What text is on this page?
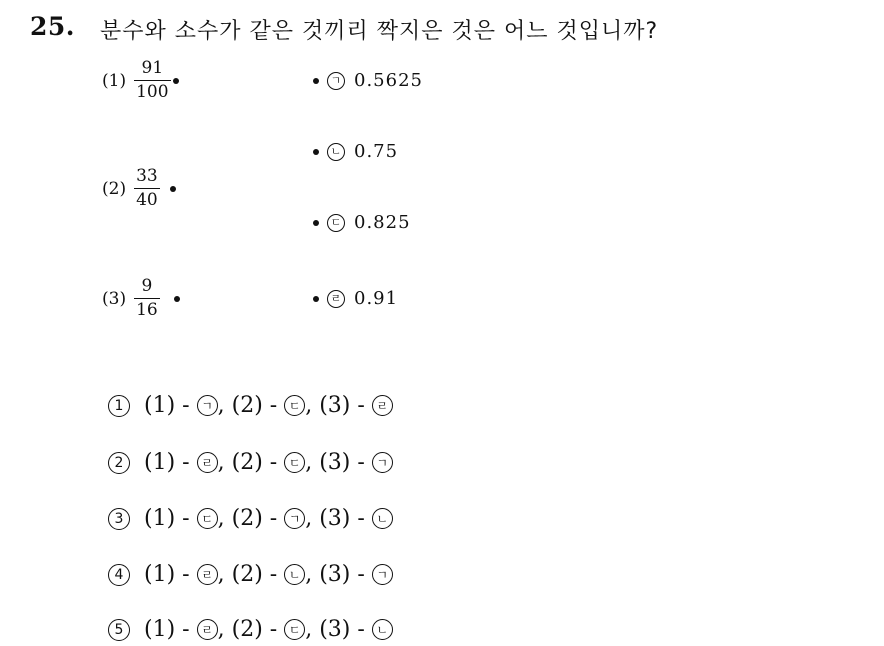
25. 분수와 소수가 같은 것끼리 짝지은 것은 어느 것입니까?
$(1) \frac{91}{100}$
$(2) \frac{33}{40}$
$(3) \frac{9}{16}$
ㄱ 0.5625
ㄴ 0.75
ㄷ 0.825
ㄹ 0.91
1 (1)
-
ㄱ ,
(2)
-
ㄷ ,
(3)
-
ㄹ
2 (1)
-
ㄹ ,
(2)
-
ㄷ ,
(3)
-
ㄱ
3 (1)
-
ㄷ ,
(2)
-
ㄱ ,
(3)
-
ㄴ
4 (1)
-
ㄹ ,
(2)
-
ㄴ ,
(3)
-
ㄱ
5 (1)
-
ㄹ ,
(2)
-
ㄷ ,
(3)
-
ㄴ
